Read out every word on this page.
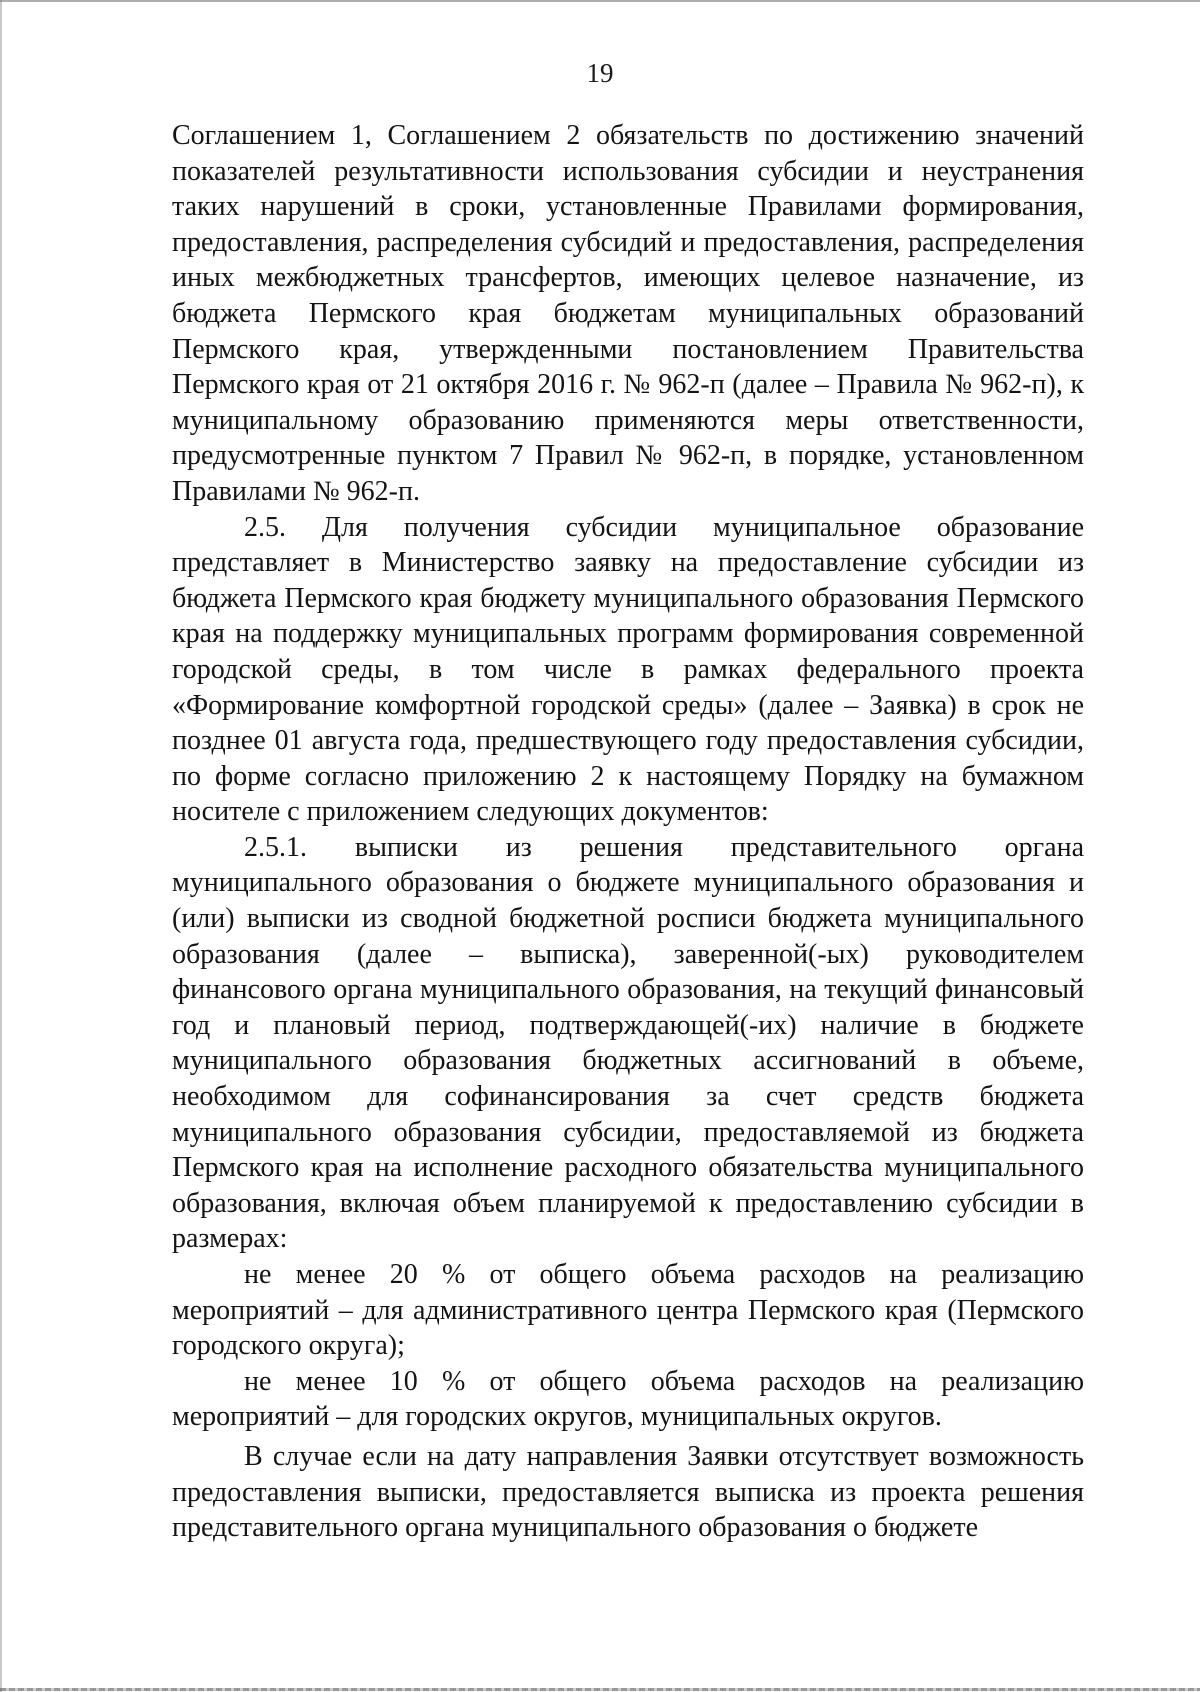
19

Соглашением 1, Соглашением 2 обязательств по достижению значений показателей результативности использования субсидии и неустранения таких нарушений в сроки, установленные Правилами формирования, предоставления, распределения субсидий и предоставления, распределения иных межбюджетных трансфертов, имеющих целевое назначение, из бюджета Пермского края бюджетам муниципальных образований Пермского края, утвержденными постановлением Правительства Пермского края от 21 октября 2016 г. № 962-п (далее – Правила № 962-п), к муниципальному образованию применяются меры ответственности, предусмотренные пунктом 7 Правил № 962-п, в порядке, установленном Правилами № 962-п.

2.5. Для получения субсидии муниципальное образование представляет в Министерство заявку на предоставление субсидии из бюджета Пермского края бюджету муниципального образования Пермского края на поддержку муниципальных программ формирования современной городской среды, в том числе в рамках федерального проекта «Формирование комфортной городской среды» (далее – Заявка) в срок не позднее 01 августа года, предшествующего году предоставления субсидии, по форме согласно приложению 2 к настоящему Порядку на бумажном носителе с приложением следующих документов:

2.5.1. выписки из решения представительного органа муниципального образования о бюджете муниципального образования и (или) выписки из сводной бюджетной росписи бюджета муниципального образования (далее – выписка), заверенной(-ых) руководителем финансового органа муниципального образования, на текущий финансовый год и плановый период, подтверждающей(-их) наличие в бюджете муниципального образования бюджетных ассигнований в объеме, необходимом для софинансирования за счет средств бюджета муниципального образования субсидии, предоставляемой из бюджета Пермского края на исполнение расходного обязательства муниципального образования, включая объем планируемой к предоставлению субсидии в размерах:

не менее 20 % от общего объема расходов на реализацию мероприятий – для административного центра Пермского края (Пермского городского округа);

не менее 10 % от общего объема расходов на реализацию мероприятий – для городских округов, муниципальных округов.

В случае если на дату направления Заявки отсутствует возможность предоставления выписки, предоставляется выписка из проекта решения представительного органа муниципального образования о бюджете
